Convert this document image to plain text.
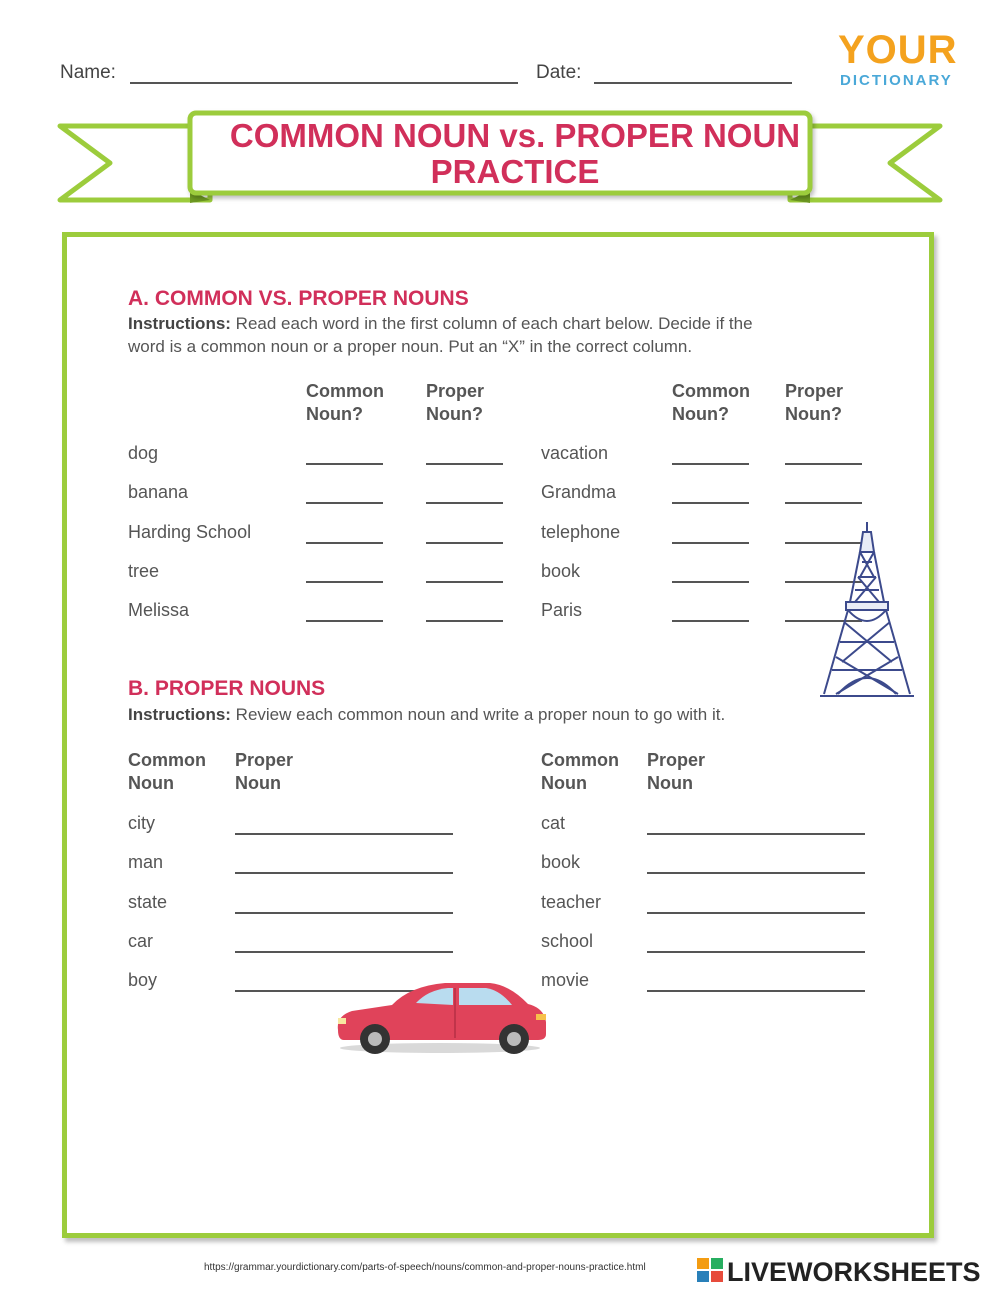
Name:	Date:
YOUR
DICTIONARY
COMMON NOUN vs. PROPER NOUN
PRACTICE
A. COMMON VS. PROPER NOUNS
Instructions: Read each word in the first column of each chart below. Decide if the
word is a common noun or a proper noun. Put an “X” in the correct column.
Common
Noun?
Proper
Noun?
Common
Noun?
Proper
Noun?
dog
banana
Harding School
tree
Melissa
vacation
Grandma
telephone
book
Paris
B. PROPER NOUNS
Instructions: Review each common noun and write a proper noun to go with it.
Common
Noun
Proper
Noun
Common
Noun
Proper
Noun
city
man
state
car
boy
cat
book
teacher
school
movie
https://grammar.yourdictionary.com/parts-of-speech/nouns/common-and-proper-nouns-practice.html	LIVEWORKSHEETS
